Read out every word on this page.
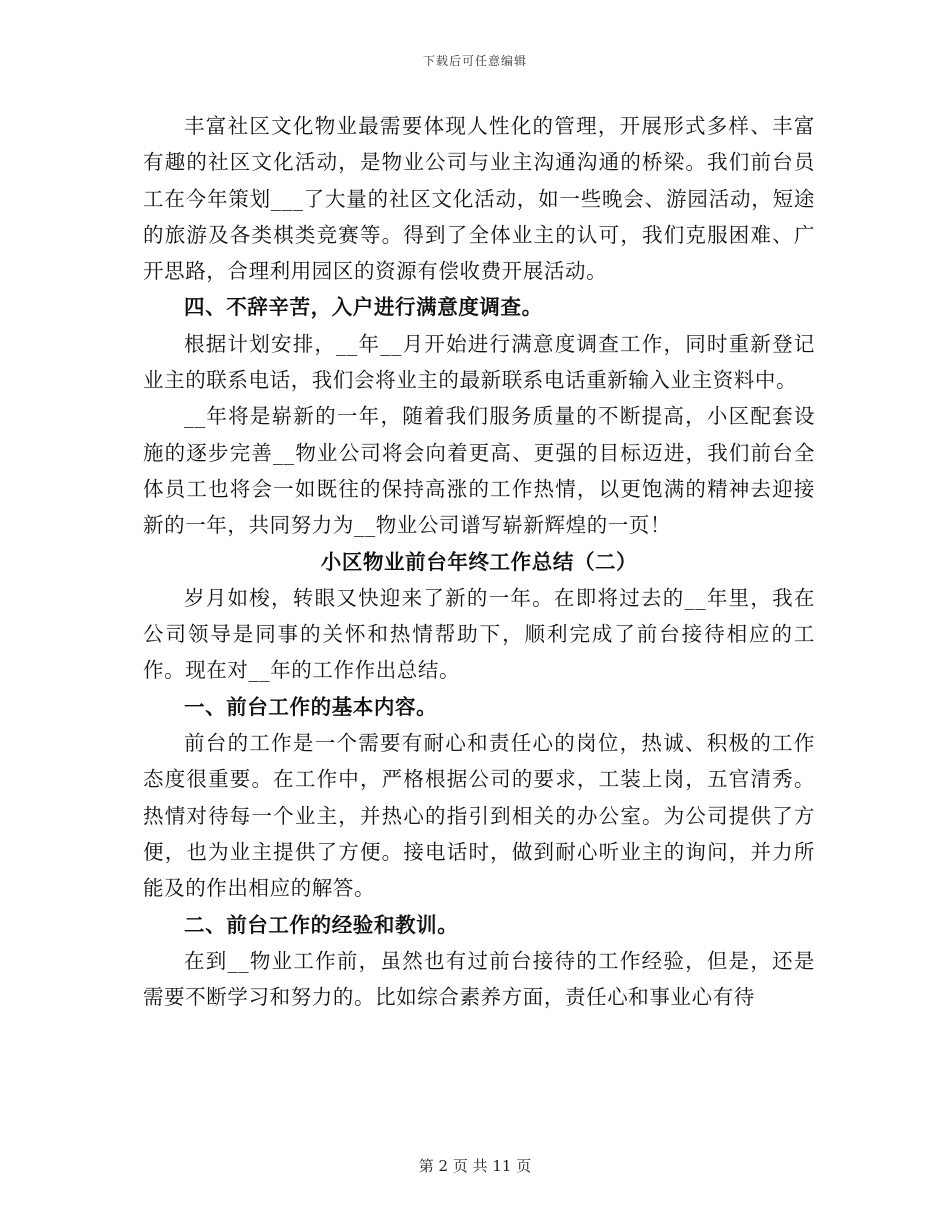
下载后可任意编辑

丰富社区文化物业最需要体现人性化的管理，开展形式多样、丰富有趣的社区文化活动，是物业公司与业主沟通沟通的桥梁。我们前台员工在今年策划___了大量的社区文化活动，如一些晚会、游园活动，短途的旅游及各类棋类竞赛等。得到了全体业主的认可，我们克服困难、广开思路，合理利用园区的资源有偿收费开展活动。

四、不辞辛苦，入户进行满意度调查。

根据计划安排，__年__月开始进行满意度调查工作，同时重新登记业主的联系电话，我们会将业主的最新联系电话重新输入业主资料中。

__年将是崭新的一年，随着我们服务质量的不断提高，小区配套设施的逐步完善__物业公司将会向着更高、更强的目标迈进，我们前台全体员工也将会一如既往的保持高涨的工作热情，以更饱满的精神去迎接新的一年，共同努力为__物业公司谱写崭新辉煌的一页！

小区物业前台年终工作总结（二）

岁月如梭，转眼又快迎来了新的一年。在即将过去的__年里，我在公司领导是同事的关怀和热情帮助下，顺利完成了前台接待相应的工作。现在对__年的工作作出总结。

一、前台工作的基本内容。

前台的工作是一个需要有耐心和责任心的岗位，热诚、积极的工作态度很重要。在工作中，严格根据公司的要求，工装上岗，五官清秀。热情对待每一个业主，并热心的指引到相关的办公室。为公司提供了方便，也为业主提供了方便。接电话时，做到耐心听业主的询问，并力所能及的作出相应的解答。

二、前台工作的经验和教训。

在到__物业工作前，虽然也有过前台接待的工作经验，但是，还是需要不断学习和努力的。比如综合素养方面，责任心和事业心有待

第 2 页 共 11 页
